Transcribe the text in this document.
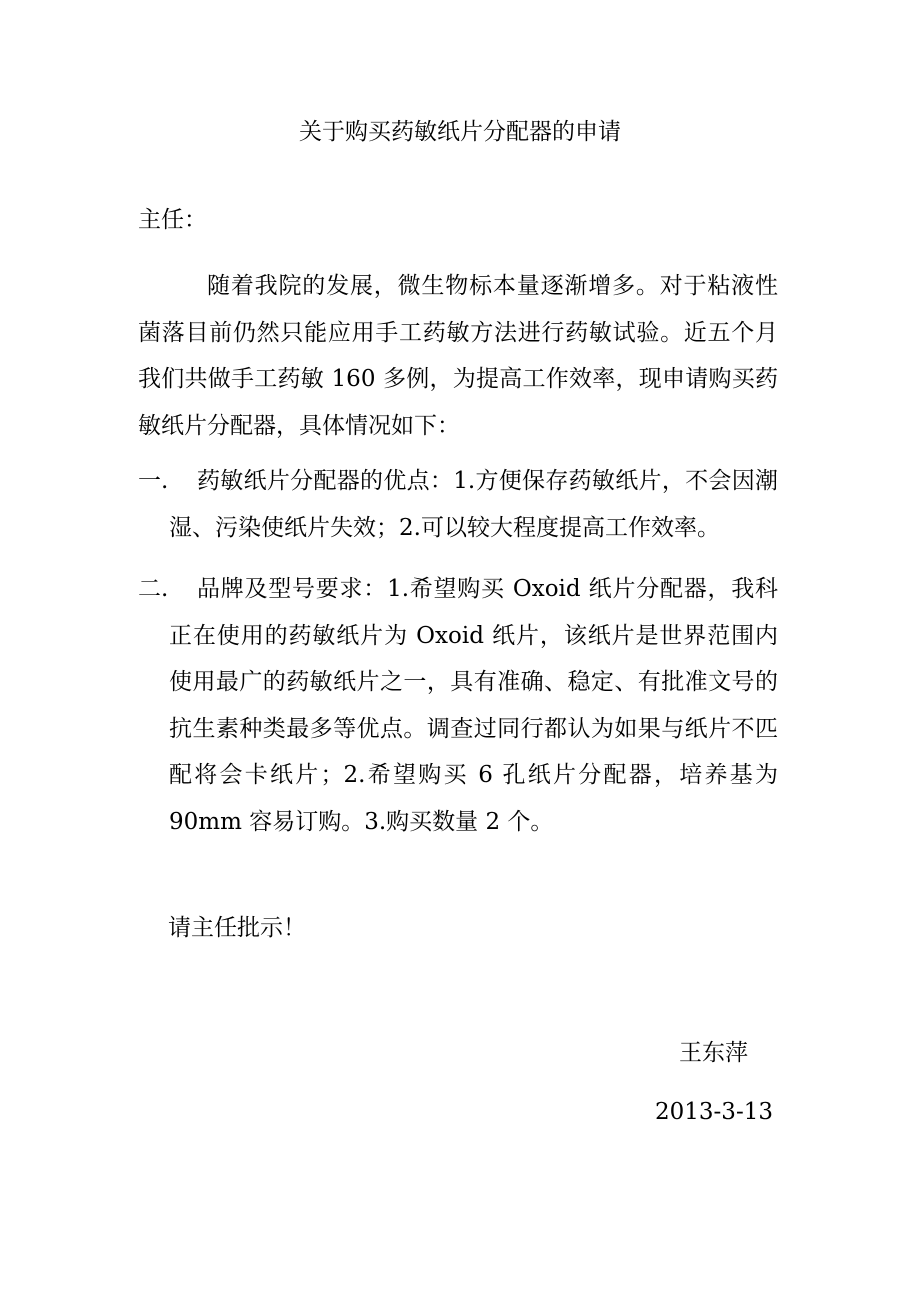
关于购买药敏纸片分配器的申请
主任：
随着我院的发展，微生物标本量逐渐增多。对于粘液性菌落目前仍然只能应用手工药敏方法进行药敏试验。近五个月我们共做手工药敏 160 多例，为提高工作效率，现申请购买药敏纸片分配器，具体情况如下：
一.	药敏纸片分配器的优点：1.方便保存药敏纸片，不会因潮湿、污染使纸片失效；2.可以较大程度提高工作效率。
二.	品牌及型号要求：1.希望购买 Oxoid 纸片分配器，我科正在使用的药敏纸片为 Oxoid 纸片，该纸片是世界范围内使用最广的药敏纸片之一，具有准确、稳定、有批准文号的抗生素种类最多等优点。调查过同行都认为如果与纸片不匹配将会卡纸片；2.希望购买 6 孔纸片分配器，培养基为 90mm 容易订购。3.购买数量 2 个。
请主任批示！
王东萍
2013-3-13
